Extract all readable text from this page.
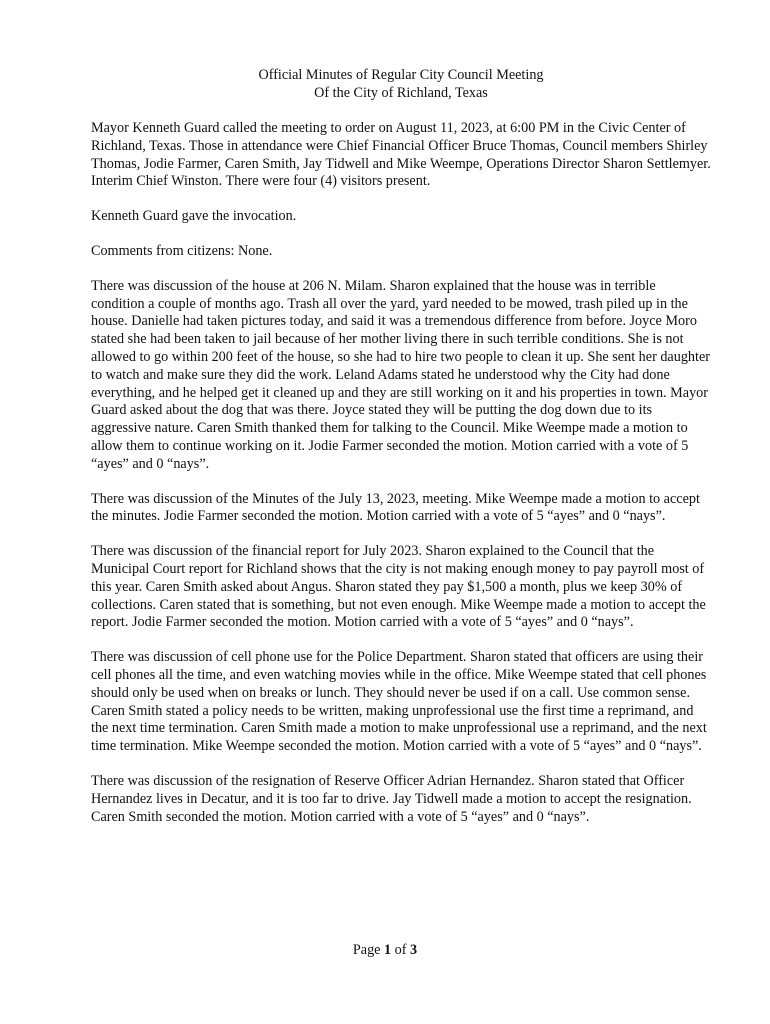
Official Minutes of Regular City Council Meeting
Of the City of Richland, Texas

Mayor Kenneth Guard called the meeting to order on August 11, 2023, at 6:00 PM in the Civic Center of Richland, Texas. Those in attendance were Chief Financial Officer Bruce Thomas, Council members Shirley Thomas, Jodie Farmer, Caren Smith, Jay Tidwell and Mike Weempe, Operations Director Sharon Settlemyer. Interim Chief Winston. There were four (4) visitors present.

Kenneth Guard gave the invocation.

Comments from citizens: None.

There was discussion of the house at 206 N. Milam. Sharon explained that the house was in terrible condition a couple of months ago. Trash all over the yard, yard needed to be mowed, trash piled up in the house. Danielle had taken pictures today, and said it was a tremendous difference from before. Joyce Moro stated she had been taken to jail because of her mother living there in such terrible conditions. She is not allowed to go within 200 feet of the house, so she had to hire two people to clean it up. She sent her daughter to watch and make sure they did the work. Leland Adams stated he understood why the City had done everything, and he helped get it cleaned up and they are still working on it and his properties in town. Mayor Guard asked about the dog that was there. Joyce stated they will be putting the dog down due to its aggressive nature. Caren Smith thanked them for talking to the Council. Mike Weempe made a motion to allow them to continue working on it. Jodie Farmer seconded the motion. Motion carried with a vote of 5 “ayes” and 0 “nays”.

There was discussion of the Minutes of the July 13, 2023, meeting. Mike Weempe made a motion to accept the minutes. Jodie Farmer seconded the motion. Motion carried with a vote of 5 “ayes” and 0 “nays”.

There was discussion of the financial report for July 2023. Sharon explained to the Council that the Municipal Court report for Richland shows that the city is not making enough money to pay payroll most of this year. Caren Smith asked about Angus. Sharon stated they pay $1,500 a month, plus we keep 30% of collections. Caren stated that is something, but not even enough. Mike Weempe made a motion to accept the report. Jodie Farmer seconded the motion. Motion carried with a vote of 5 “ayes” and 0 “nays”.

There was discussion of cell phone use for the Police Department. Sharon stated that officers are using their cell phones all the time, and even watching movies while in the office. Mike Weempe stated that cell phones should only be used when on breaks or lunch. They should never be used if on a call. Use common sense. Caren Smith stated a policy needs to be written, making unprofessional use the first time a reprimand, and the next time termination. Caren Smith made a motion to make unprofessional use a reprimand, and the next time termination. Mike Weempe seconded the motion. Motion carried with a vote of 5 “ayes” and 0 “nays”.

There was discussion of the resignation of Reserve Officer Adrian Hernandez. Sharon stated that Officer Hernandez lives in Decatur, and it is too far to drive. Jay Tidwell made a motion to accept the resignation. Caren Smith seconded the motion. Motion carried with a vote of 5 “ayes” and 0 “nays”.

Page 1 of 3
